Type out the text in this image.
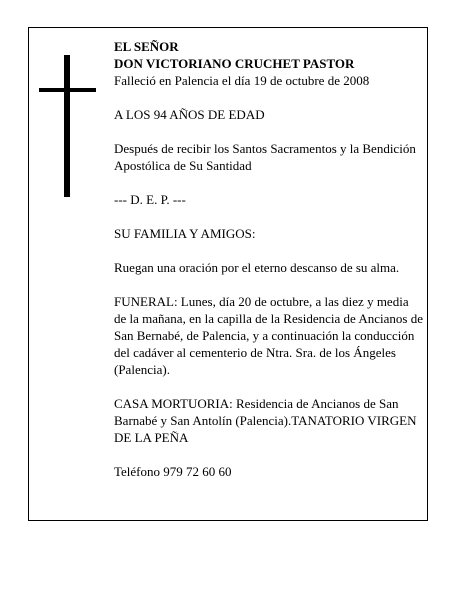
EL SEÑOR

DON VICTORIANO CRUCHET PASTOR

Falleció en Palencia el día 19 de octubre de 2008

A LOS 94 AÑOS DE EDAD

Después de recibir los Santos Sacramentos y la Bendición Apostólica de Su Santidad

--- D. E. P. ---

SU FAMILIA Y AMIGOS:

Ruegan una oración por el eterno descanso de su alma.

FUNERAL: Lunes, día 20 de octubre, a las diez y media de la mañana, en la capilla de la Residencia de Ancianos de San Bernabé, de Palencia, y a continuación la conducción del cadáver al cementerio de Ntra. Sra. de los Ángeles (Palencia).

CASA MORTUORIA: Residencia de Ancianos de San Barnabé y San Antolín (Palencia).TANATORIO VIRGEN DE LA PEÑA

Teléfono 979 72 60 60
